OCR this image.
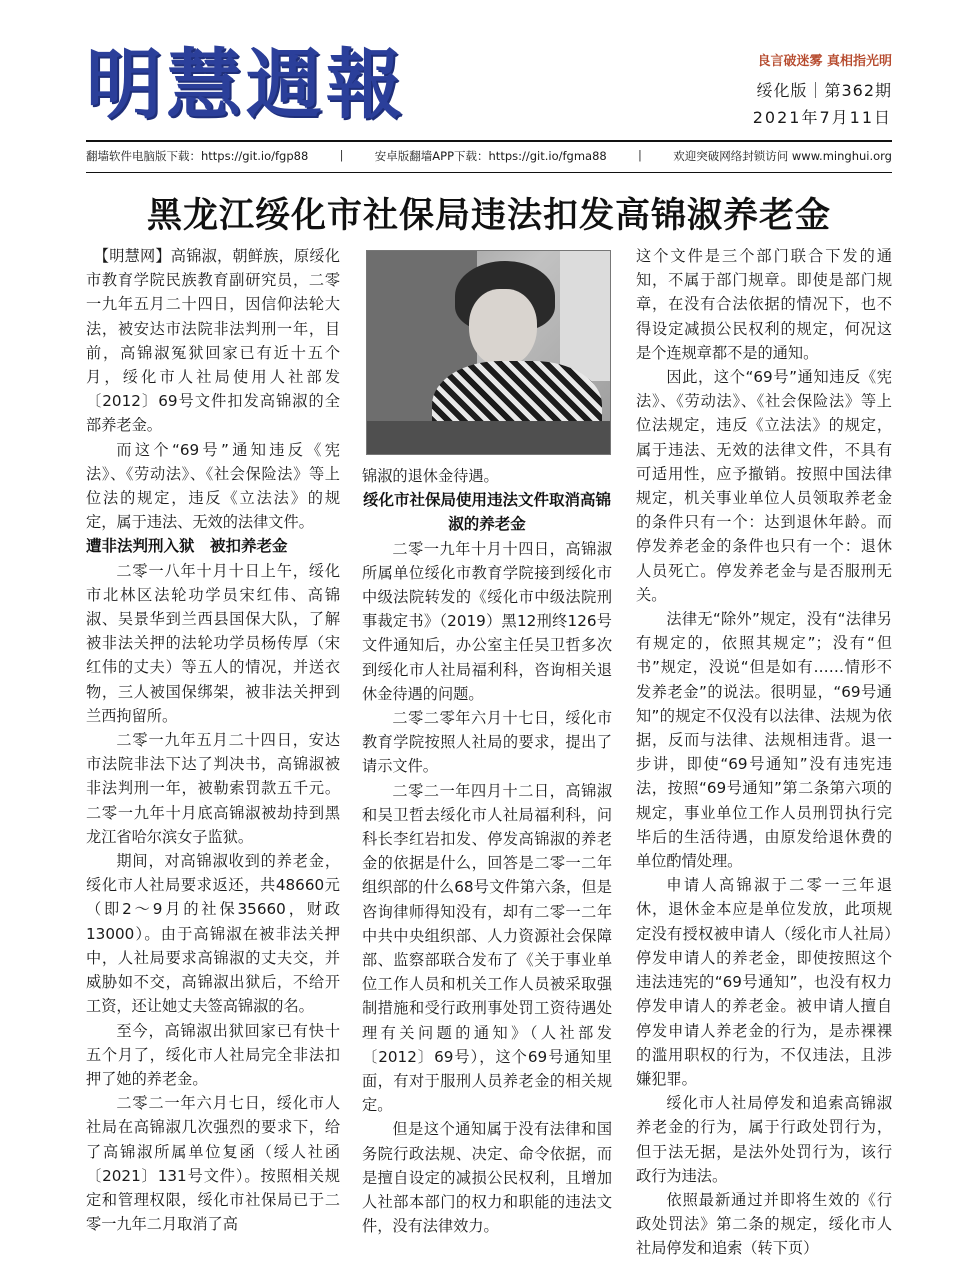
明慧週報	良言破迷雾 真相指光明
绥化版｜第362期
2021年7月11日
翻墙软件电脑版下载：https://git.io/fgp88	|	安卓版翻墙APP下载：https://git.io/fgma88	|	欢迎突破网络封锁访问 www.minghui.org
黑龙江绥化市社保局违法扣发高锦淑养老金

　【明慧网】高锦淑，朝鲜族，原绥化市教育学院民族教育副研究员，二零一九年五月二十四日，因信仰法轮大法，被安达市法院非法判刑一年，目前，高锦淑冤狱回家已有近十五个月，绥化市人社局使用人社部发〔2012〕69号文件扣发高锦淑的全部养老金。

而这个“69号”通知违反《宪法》、《劳动法》、《社会保险法》等上位法的规定，违反《立法法》的规定，属于违法、无效的法律文件。

遭非法判刑入狱　被扣养老金

二零一八年十月十日上午，绥化市北林区法轮功学员宋红伟、高锦淑、吴景华到兰西县国保大队，了解被非法关押的法轮功学员杨传厚（宋红伟的丈夫）等五人的情况，并送衣物，三人被国保绑架，被非法关押到兰西拘留所。

二零一九年五月二十四日，安达市法院非法下达了判决书，高锦淑被非法判刑一年，被勒索罚款五千元。二零一九年十月底高锦淑被劫持到黑龙江省哈尔滨女子监狱。

期间，对高锦淑收到的养老金，绥化市人社局要求返还，共48660元（即2～9月的社保35660，财政13000）。由于高锦淑在被非法关押中，人社局要求高锦淑的丈夫交，并威胁如不交，高锦淑出狱后，不给开工资，还让她丈夫签高锦淑的名。

至今，高锦淑出狱回家已有快十五个月了，绥化市人社局完全非法扣押了她的养老金。

二零二一年六月七日，绥化市人社局在高锦淑几次强烈的要求下，给了高锦淑所属单位复函（绥人社函〔2021〕131号文件）。按照相关规定和管理权限，绥化市社保局已于二零一九年二月取消了高

锦淑的退休金待遇。

绥化市社保局使用违法文件取消高锦淑的养老金

二零一九年十月十四日，高锦淑所属单位绥化市教育学院接到绥化市中级法院转发的《绥化市中级法院刑事裁定书》（2019）黑12刑终126号文件通知后，办公室主任吴卫哲多次到绥化市人社局福利科，咨询相关退休金待遇的问题。

二零二零年六月十七日，绥化市教育学院按照人社局的要求，提出了请示文件。

二零二一年四月十二日，高锦淑和吴卫哲去绥化市人社局福利科，问科长李红岩扣发、停发高锦淑的养老金的依据是什么，回答是二零一二年组织部的什么68号文件第六条，但是咨询律师得知没有，却有二零一二年中共中央组织部、人力资源社会保障部、监察部联合发布了《关于事业单位工作人员和机关工作人员被采取强制措施和受行政刑事处罚工资待遇处理有关问题的通知》（人社部发〔2012〕69号），这个69号通知里面，有对于服刑人员养老金的相关规定。

但是这个通知属于没有法律和国务院行政法规、决定、命令依据，而是擅自设定的减损公民权利，且增加人社部本部门的权力和职能的违法文件，没有法律效力。

这个文件是三个部门联合下发的通知，不属于部门规章。即使是部门规章，在没有合法依据的情况下，也不得设定减损公民权利的规定，何况这是个连规章都不是的通知。

因此，这个“69号”通知违反《宪法》、《劳动法》、《社会保险法》等上位法规定，违反《立法法》的规定，属于违法、无效的法律文件，不具有可适用性，应予撤销。按照中国法律规定，机关事业单位人员领取养老金的条件只有一个：达到退休年龄。而停发养老金的条件也只有一个：退休人员死亡。停发养老金与是否服刑无关。

法律无“除外”规定，没有“法律另有规定的，依照其规定”；没有“但书”规定，没说“但是如有……情形不发养老金”的说法。很明显，“69号通知”的规定不仅没有以法律、法规为依据，反而与法律、法规相违背。退一步讲，即使“69号通知”没有违宪违法，按照“69号通知”第二条第六项的规定，事业单位工作人员刑罚执行完毕后的生活待遇，由原发给退休费的单位酌情处理。

申请人高锦淑于二零一三年退休，退休金本应是单位发放，此项规定没有授权被申请人（绥化市人社局）停发申请人的养老金，即使按照这个违法违宪的“69号通知”，也没有权力停发申请人的养老金。被申请人擅自停发申请人养老金的行为，是赤裸裸的滥用职权的行为，不仅违法，且涉嫌犯罪。

绥化市人社局停发和追索高锦淑养老金的行为，属于行政处罚行为，但于法无据，是法外处罚行为，该行政行为违法。

依照最新通过并即将生效的《行政处罚法》第二条的规定，绥化市人社局停发和追索（转下页）
